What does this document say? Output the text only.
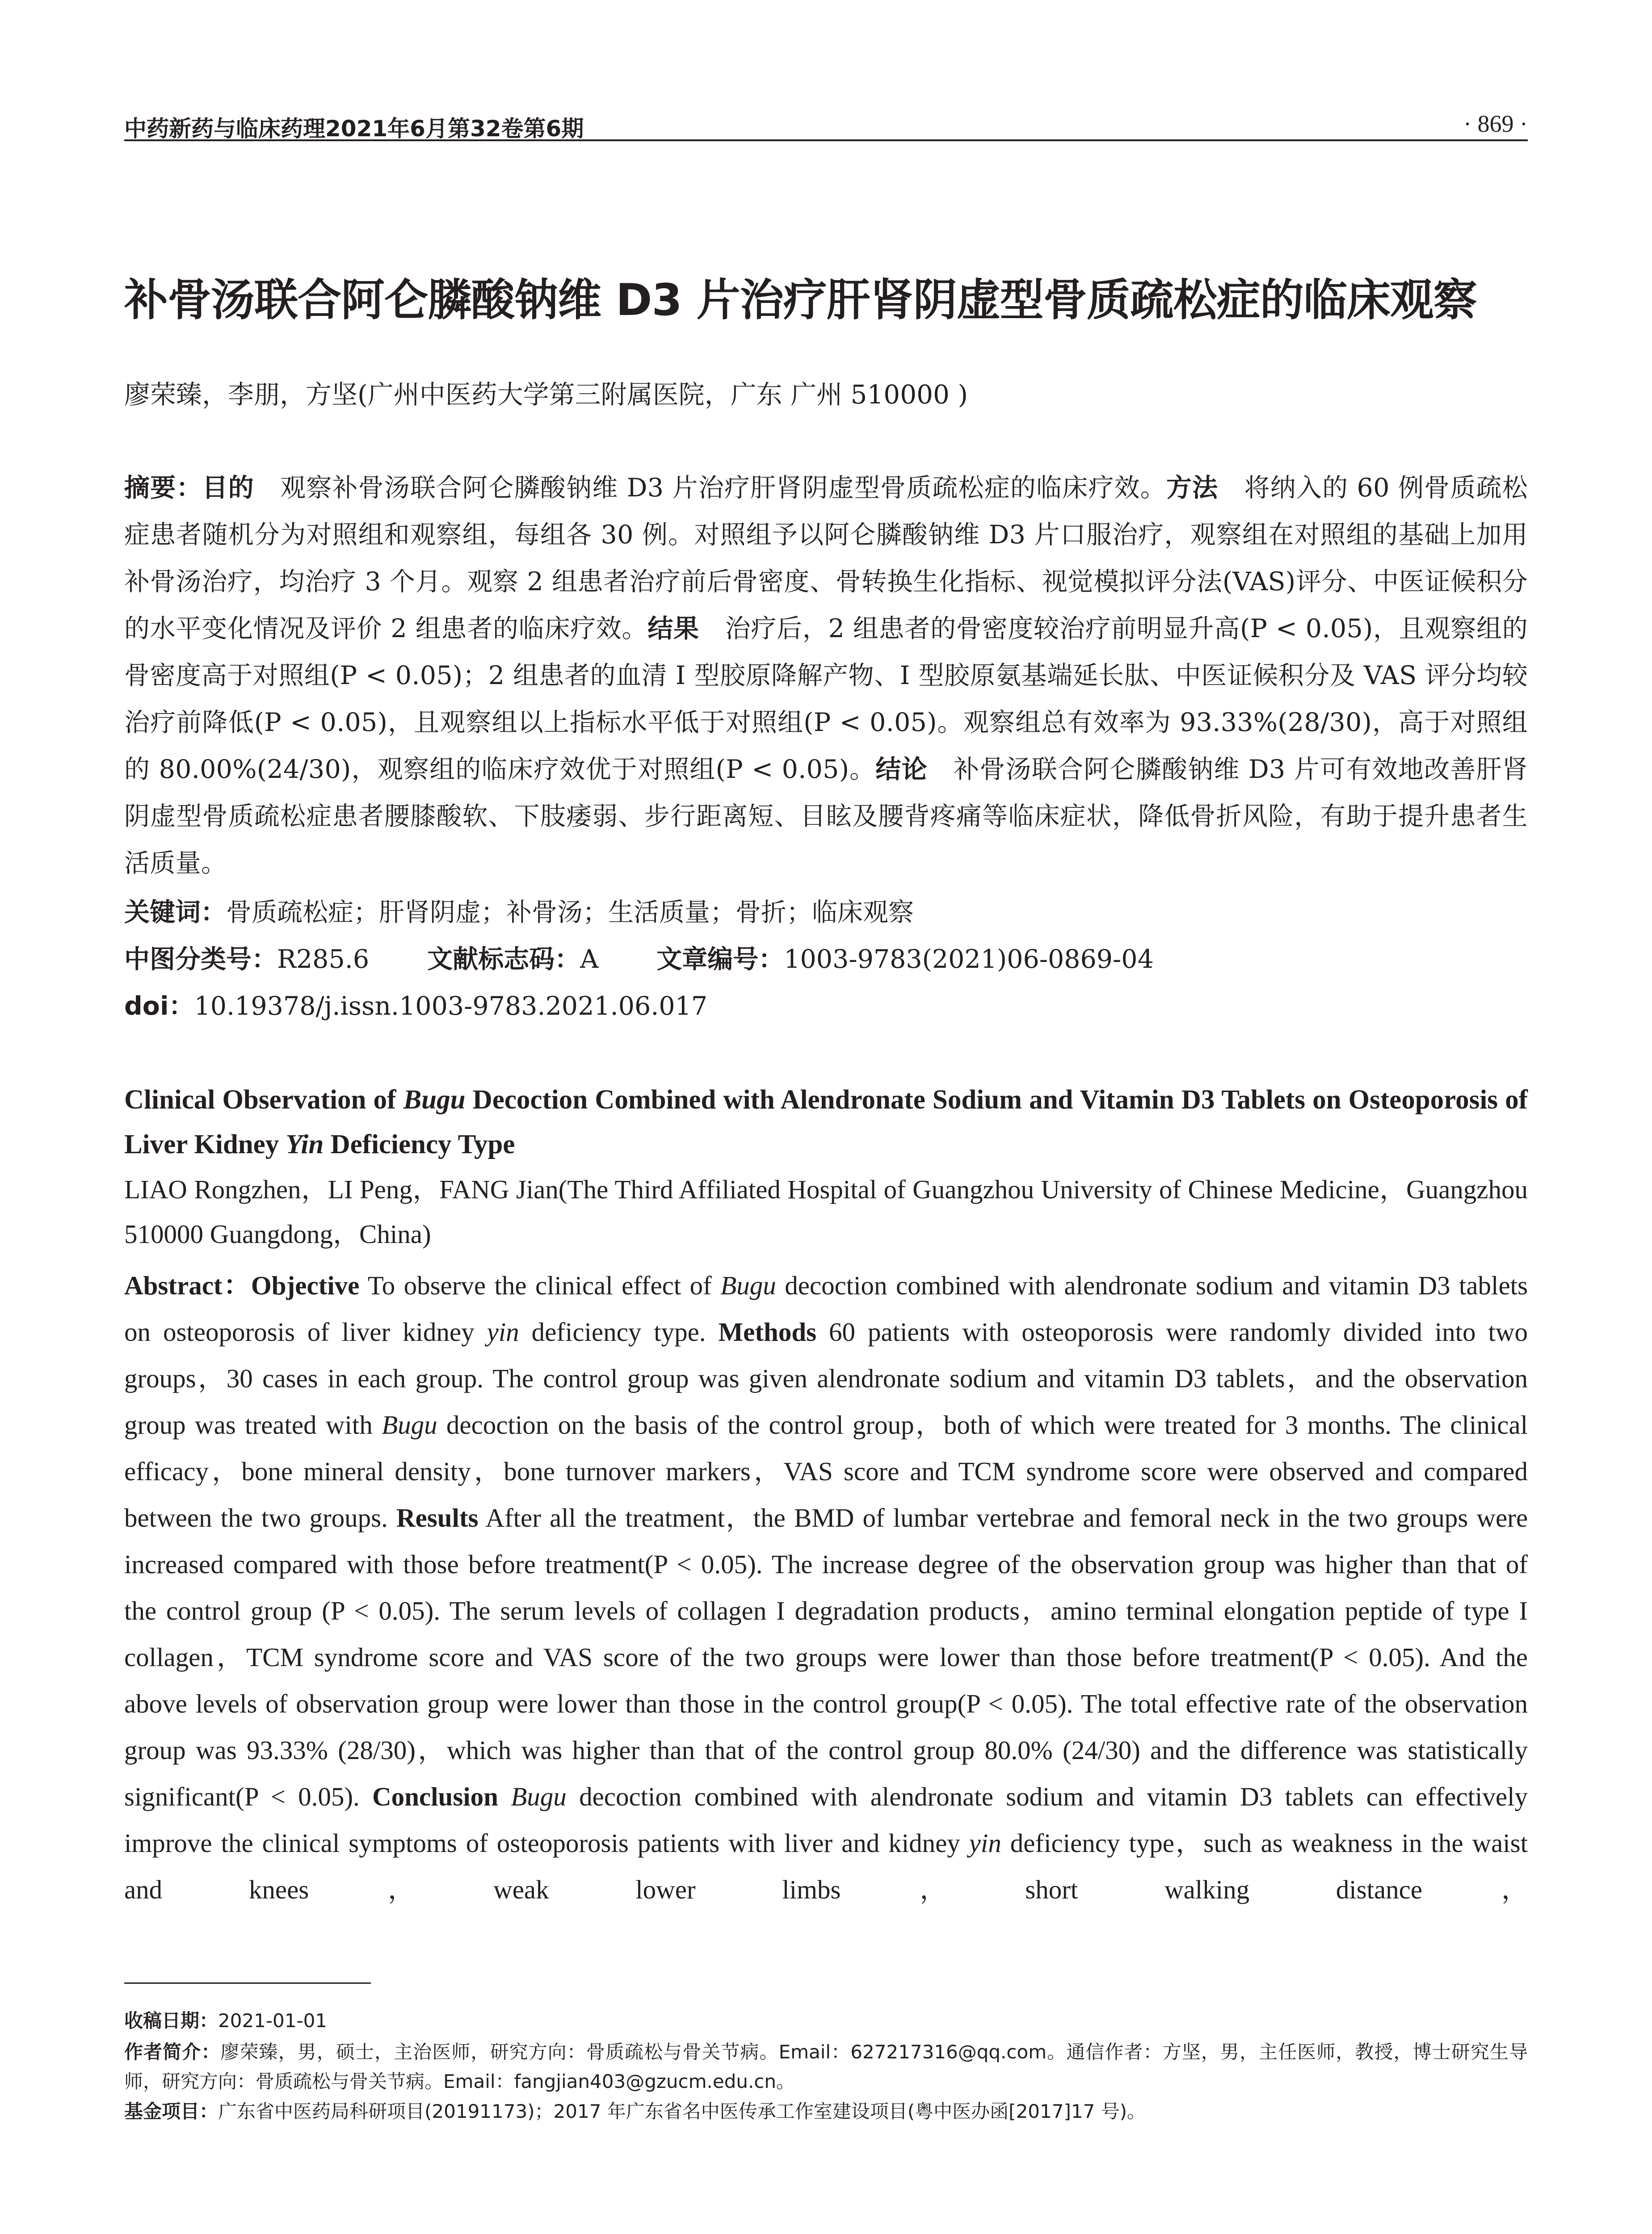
中药新药与临床药理2021年6月第32卷第6期	· 869 ·
补骨汤联合阿仑膦酸钠维 D3 片治疗肝肾阴虚型骨质疏松症的临床观察
廖荣臻，李朋，方坚(广州中医药大学第三附属医院，广东 广州 510000 )
摘要：目的　 观察补骨汤联合阿仑膦酸钠维 D3 片治疗肝肾阴虚型骨质疏松症的临床疗效。方法　 将纳入的 60 例骨质疏松症患者随机分为对照组和观察组，每组各 30 例。对照组予以阿仑膦酸钠维 D3 片口服治疗，观察组在对照组的基础上加用补骨汤治疗，均治疗 3 个月。观察 2 组患者治疗前后骨密度、骨转换生化指标、视觉模拟评分法(VAS)评分、中医证候积分的水平变化情况及评价 2 组患者的临床疗效。结果　 治疗后，2 组患者的骨密度较治疗前明显升高(P < 0.05)，且观察组的骨密度高于对照组(P < 0.05)；2 组患者的血清 Ⅰ 型胶原降解产物、Ⅰ 型胶原氨基端延长肽、中医证候积分及 VAS 评分均较治疗前降低(P < 0.05)，且观察组以上指标水平低于对照组(P < 0.05)。观察组总有效率为 93.33%(28/30)，高于对照组的 80.00%(24/30)，观察组的临床疗效优于对照组(P < 0.05)。结论　 补骨汤联合阿仑膦酸钠维 D3 片可有效地改善肝肾阴虚型骨质疏松症患者腰膝酸软、下肢痿弱、步行距离短、目眩及腰背疼痛等临床症状，降低骨折风险，有助于提升患者生活质量。
关键词：骨质疏松症；肝肾阴虚；补骨汤；生活质量；骨折；临床观察
中图分类号：R285.6 文献标志码：A 文章编号：1003-9783(2021)06-0869-04
doi：10.19378/j.issn.1003-9783.2021.06.017
Clinical Observation of Bugu Decoction Combined with Alendronate Sodium and Vitamin D3 Tablets on Osteoporosis of Liver Kidney Yin Deficiency Type
LIAO Rongzhen，LI Peng，FANG Jian(The Third Affiliated Hospital of Guangzhou University of Chinese Medicine，Guangzhou 510000 Guangdong，China)
Abstract：Objective To observe the clinical effect of Bugu decoction combined with alendronate sodium and vitamin D3 tablets on osteoporosis of liver kidney yin deficiency type. Methods 60 patients with osteoporosis were randomly divided into two groups，30 cases in each group. The control group was given alendronate sodium and vitamin D3 tablets，and the observation group was treated with Bugu decoction on the basis of the control group，both of which were treated for 3 months. The clinical efficacy，bone mineral density，bone turnover markers，VAS score and TCM syndrome score were observed and compared between the two groups. Results After all the treatment，the BMD of lumbar vertebrae and femoral neck in the two groups were increased compared with those before treatment(P < 0.05). The increase degree of the observation group was higher than that of the control group (P < 0.05). The serum levels of collagen I degradation products，amino terminal elongation peptide of type I collagen，TCM syndrome score and VAS score of the two groups were lower than those before treatment(P < 0.05). And the above levels of observation group were lower than those in the control group(P < 0.05). The total effective rate of the observation group was 93.33% (28/30)，which was higher than that of the control group 80.0% (24/30) and the difference was statistically significant(P < 0.05). Conclusion Bugu decoction combined with alendronate sodium and vitamin D3 tablets can effectively improve the clinical symptoms of osteoporosis patients with liver and kidney yin deficiency type，such as weakness in the waist and knees，weak lower limbs，short walking distance，
收稿日期：2021-01-01
作者简介：廖荣臻，男，硕士，主治医师，研究方向：骨质疏松与骨关节病。Email：627217316@qq.com。通信作者：方坚，男，主任医师，教授，博士研究生导师，研究方向：骨质疏松与骨关节病。Email：fangjian403@gzucm.edu.cn。
基金项目：广东省中医药局科研项目(20191173)；2017 年广东省名中医传承工作室建设项目(粤中医办函[2017]17 号)。
